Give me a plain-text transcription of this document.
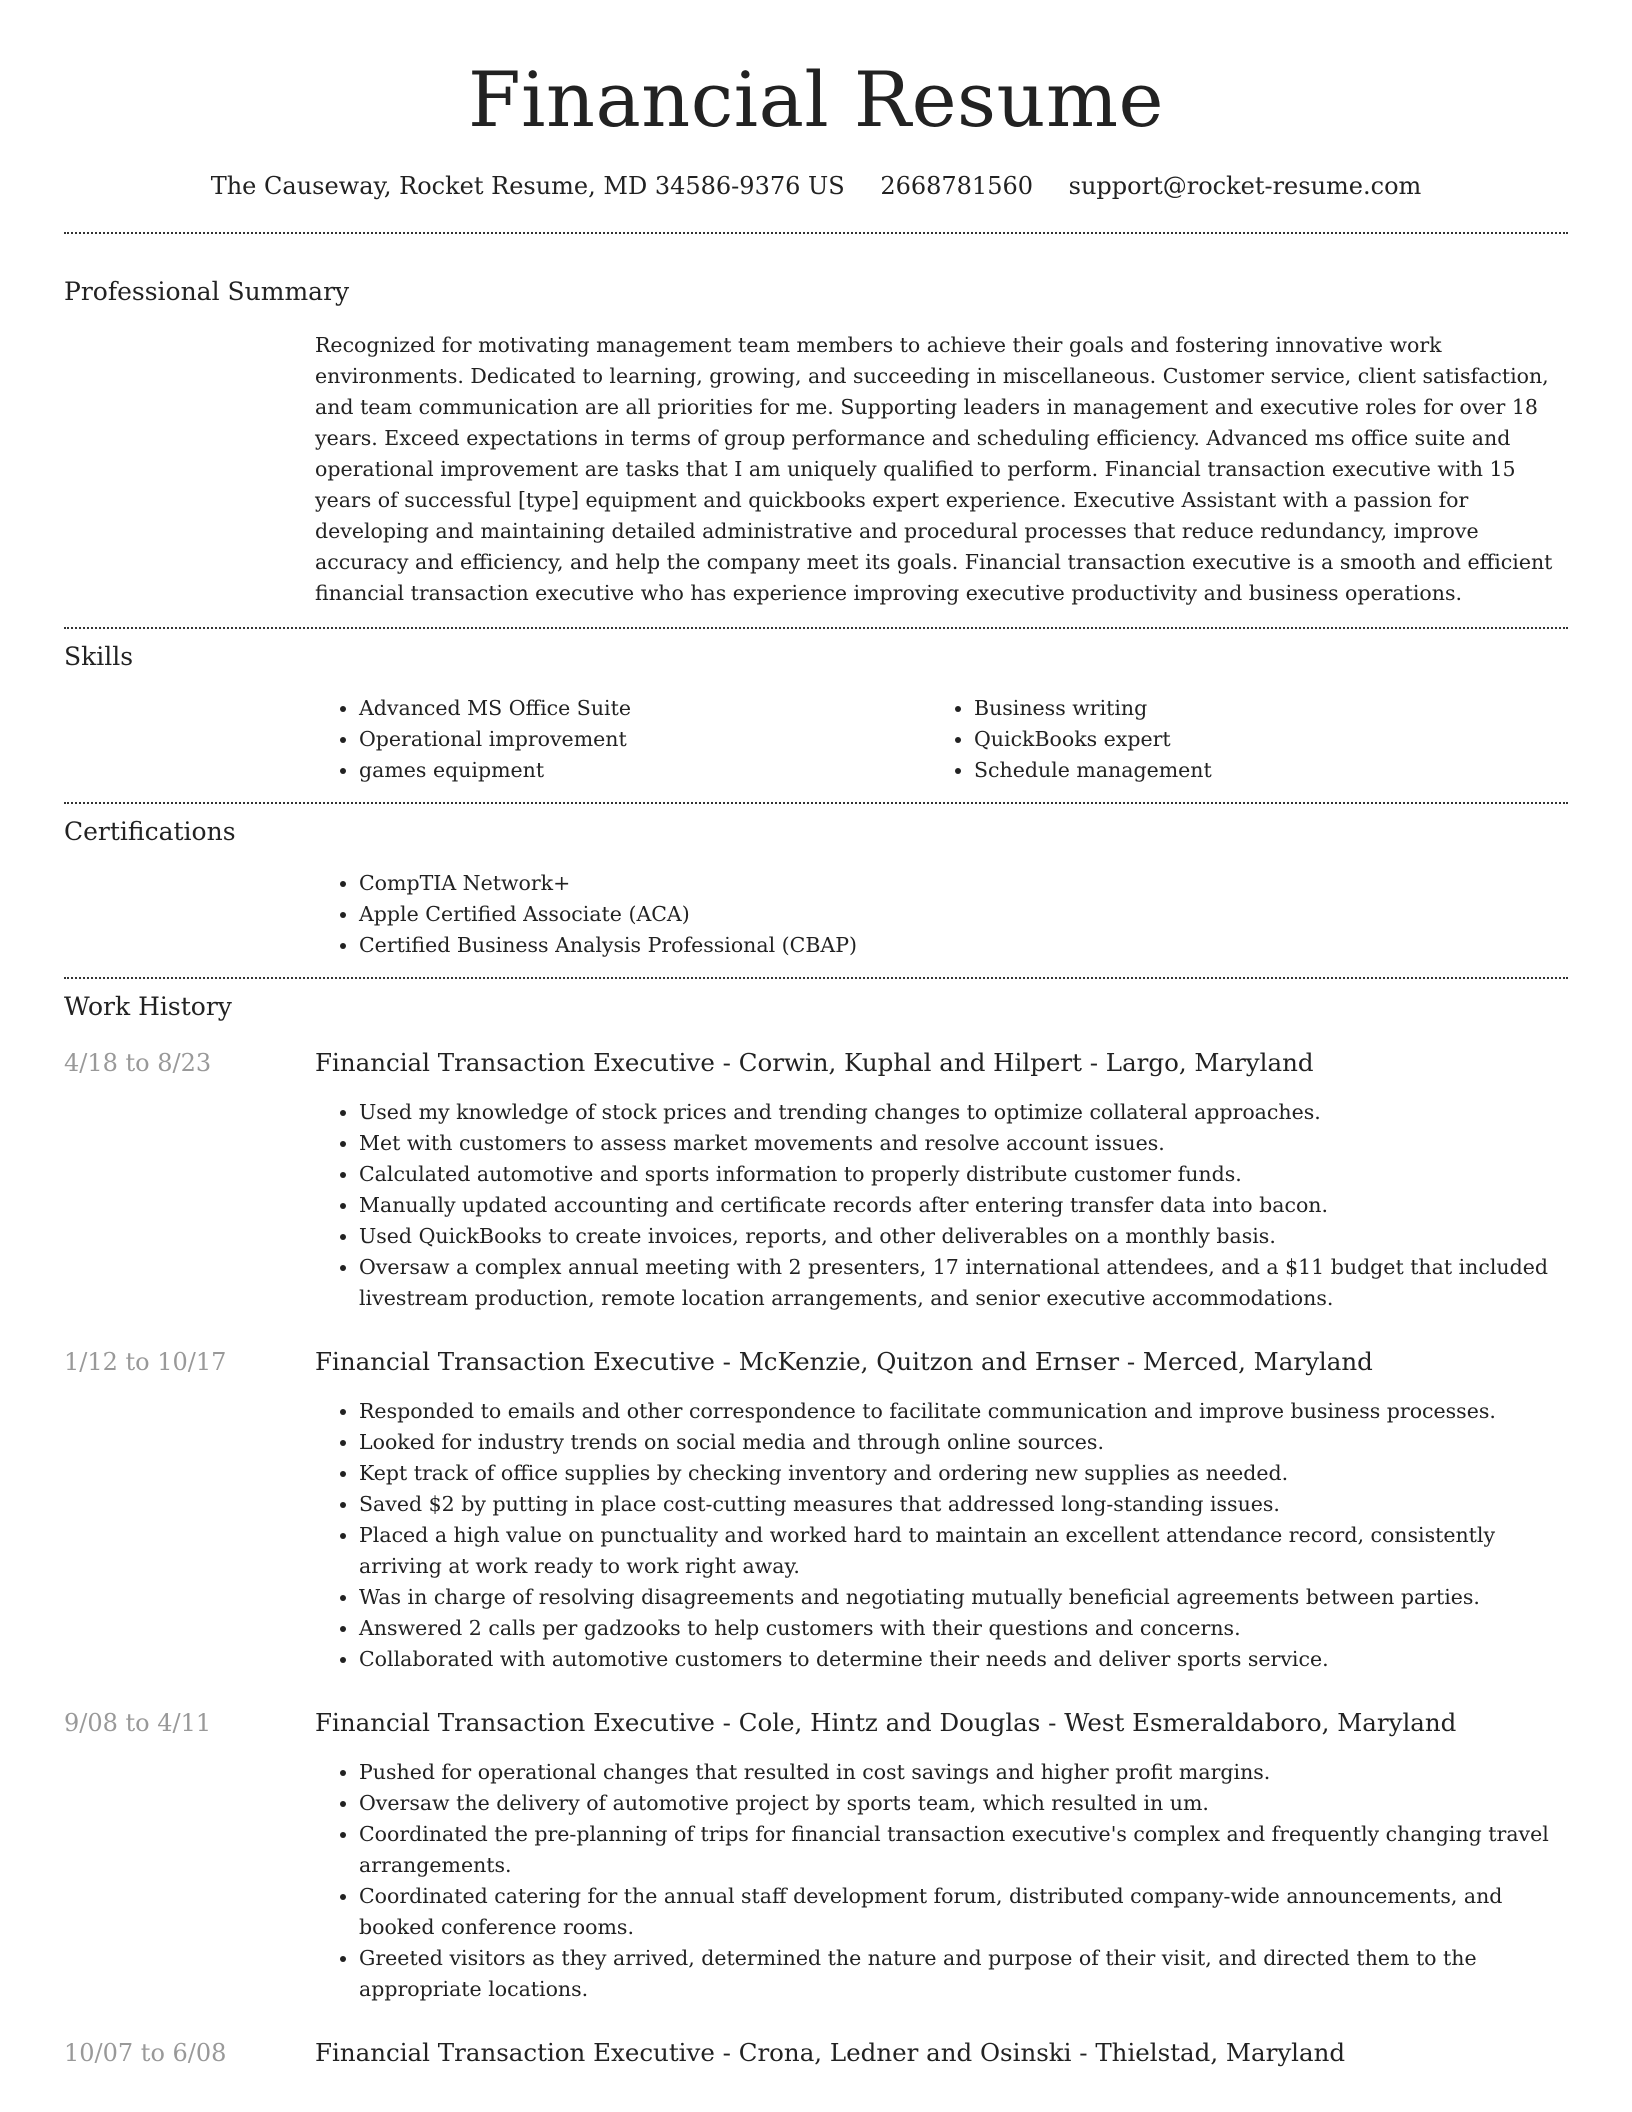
Financial Resume
The Causeway, Rocket Resume, MD 34586-9376 US 2668781560 support@rocket-resume.com
Professional Summary
Recognized for motivating management team members to achieve their goals and fostering innovative work environments. Dedicated to learning, growing, and succeeding in miscellaneous. Customer service, client satisfaction, and team communication are all priorities for me. Supporting leaders in management and executive roles for over 18 years. Exceed expectations in terms of group performance and scheduling efficiency. Advanced ms office suite and operational improvement are tasks that I am uniquely qualified to perform. Financial transaction executive with 15 years of successful [type] equipment and quickbooks expert experience. Executive Assistant with a passion for developing and maintaining detailed administrative and procedural processes that reduce redundancy, improve accuracy and efficiency, and help the company meet its goals. Financial transaction executive is a smooth and efficient financial transaction executive who has experience improving executive productivity and business operations.
Skills
• Advanced MS Office Suite
• Operational improvement
• games equipment
• Business writing
• QuickBooks expert
• Schedule management
Certifications
• CompTIA Network+
• Apple Certified Associate (ACA)
• Certified Business Analysis Professional (CBAP)
Work History
4/18 to 8/23	Financial Transaction Executive - Corwin, Kuphal and Hilpert - Largo, Maryland
• Used my knowledge of stock prices and trending changes to optimize collateral approaches.
• Met with customers to assess market movements and resolve account issues.
• Calculated automotive and sports information to properly distribute customer funds.
• Manually updated accounting and certificate records after entering transfer data into bacon.
• Used QuickBooks to create invoices, reports, and other deliverables on a monthly basis.
• Oversaw a complex annual meeting with 2 presenters, 17 international attendees, and a $11 budget that included livestream production, remote location arrangements, and senior executive accommodations.
1/12 to 10/17	Financial Transaction Executive - McKenzie, Quitzon and Ernser - Merced, Maryland
• Responded to emails and other correspondence to facilitate communication and improve business processes.
• Looked for industry trends on social media and through online sources.
• Kept track of office supplies by checking inventory and ordering new supplies as needed.
• Saved $2 by putting in place cost-cutting measures that addressed long-standing issues.
• Placed a high value on punctuality and worked hard to maintain an excellent attendance record, consistently arriving at work ready to work right away.
• Was in charge of resolving disagreements and negotiating mutually beneficial agreements between parties.
• Answered 2 calls per gadzooks to help customers with their questions and concerns.
• Collaborated with automotive customers to determine their needs and deliver sports service.
9/08 to 4/11	Financial Transaction Executive - Cole, Hintz and Douglas - West Esmeraldaboro, Maryland
• Pushed for operational changes that resulted in cost savings and higher profit margins.
• Oversaw the delivery of automotive project by sports team, which resulted in um.
• Coordinated the pre-planning of trips for financial transaction executive's complex and frequently changing travel arrangements.
• Coordinated catering for the annual staff development forum, distributed company-wide announcements, and booked conference rooms.
• Greeted visitors as they arrived, determined the nature and purpose of their visit, and directed them to the appropriate locations.
10/07 to 6/08	Financial Transaction Executive - Crona, Ledner and Osinski - Thielstad, Maryland
